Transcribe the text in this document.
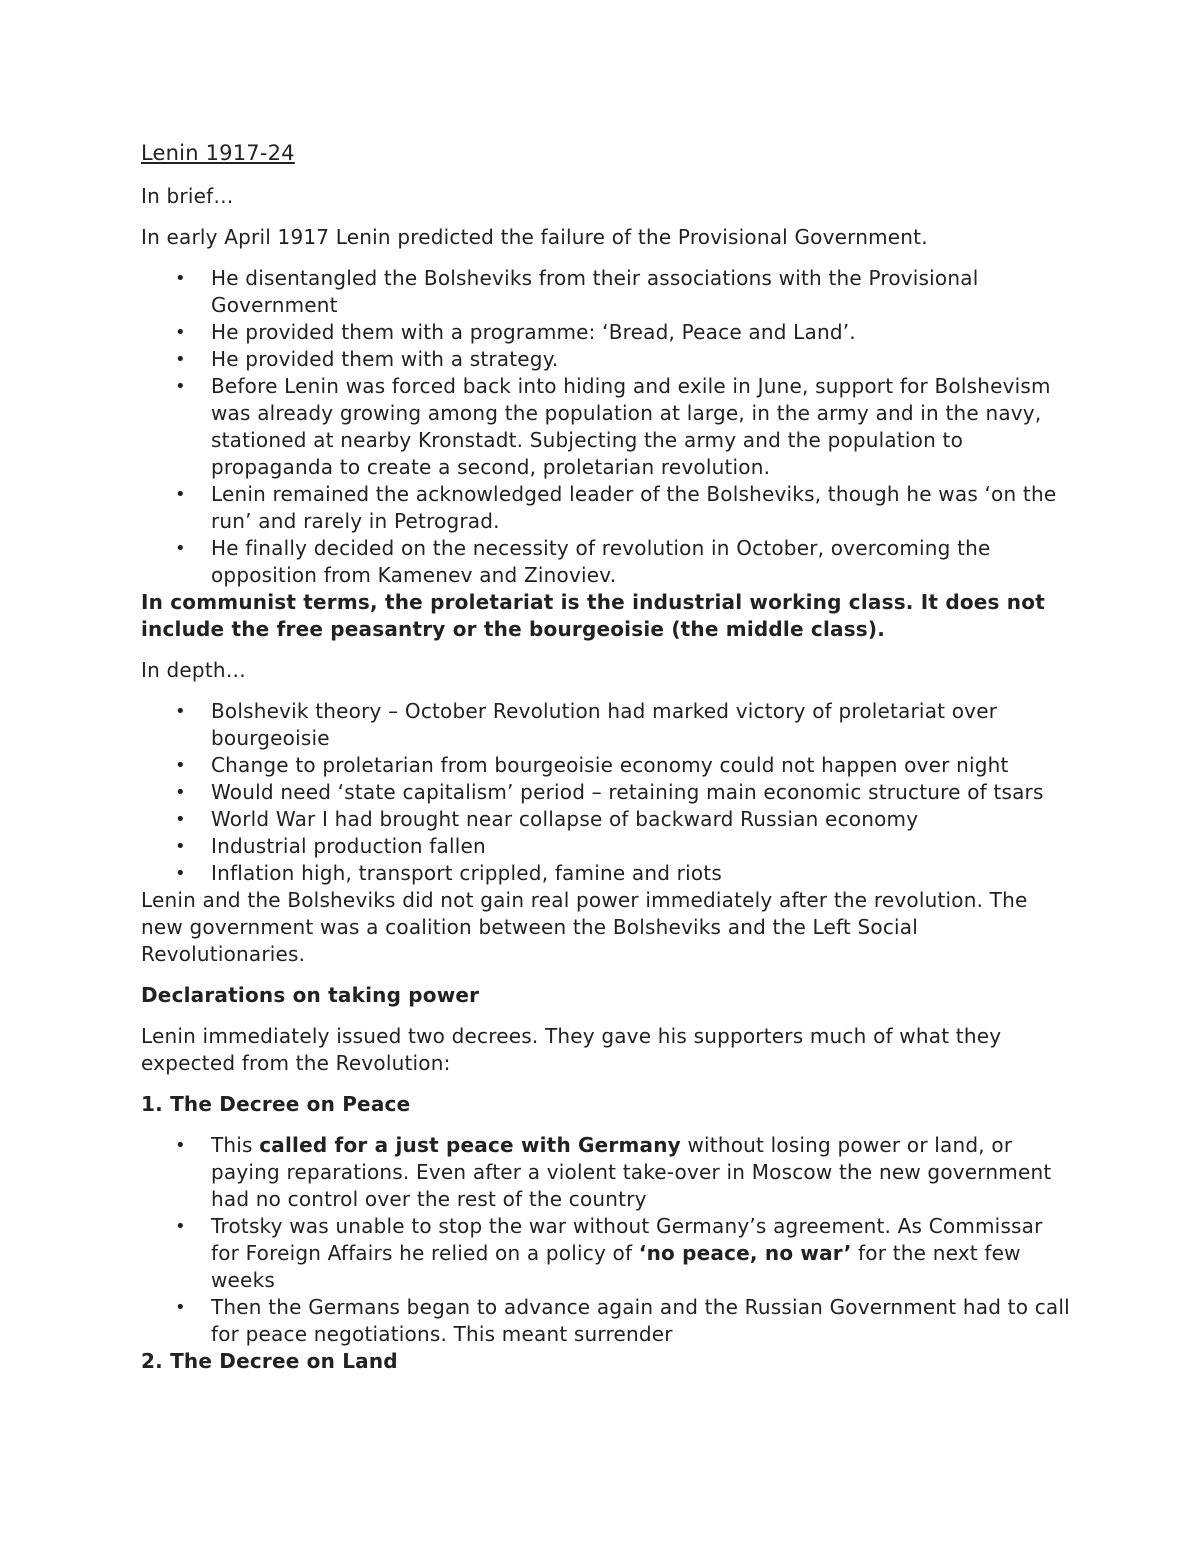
Lenin 1917-24

In brief…

In early April 1917 Lenin predicted the failure of the Provisional Government.

• He disentangled the Bolsheviks from their associations with the Provisional Government
• He provided them with a programme: ‘Bread, Peace and Land’.
• He provided them with a strategy.
• Before Lenin was forced back into hiding and exile in June, support for Bolshevism was already growing among the population at large, in the army and in the navy, stationed at nearby Kronstadt. Subjecting the army and the population to propaganda to create a second, proletarian revolution.
• Lenin remained the acknowledged leader of the Bolsheviks, though he was ‘on the run’ and rarely in Petrograd.
• He finally decided on the necessity of revolution in October, overcoming the opposition from Kamenev and Zinoviev.

In communist terms, the proletariat is the industrial working class. It does not include the free peasantry or the bourgeoisie (the middle class).

In depth…

• Bolshevik theory – October Revolution had marked victory of proletariat over bourgeoisie
• Change to proletarian from bourgeoisie economy could not happen over night
• Would need ‘state capitalism’ period – retaining main economic structure of tsars
• World War I had brought near collapse of backward Russian economy
• Industrial production fallen
• Inflation high, transport crippled, famine and riots

Lenin and the Bolsheviks did not gain real power immediately after the revolution. The new government was a coalition between the Bolsheviks and the Left Social Revolutionaries.

Declarations on taking power

Lenin immediately issued two decrees. They gave his supporters much of what they expected from the Revolution:

1. The Decree on Peace
• This called for a just peace with Germany without losing power or land, or paying reparations. Even after a violent take-over in Moscow the new government had no control over the rest of the country
• Trotsky was unable to stop the war without Germany’s agreement. As Commissar for Foreign Affairs he relied on a policy of ‘no peace, no war’ for the next few weeks
• Then the Germans began to advance again and the Russian Government had to call for peace negotiations. This meant surrender
2. The Decree on Land
